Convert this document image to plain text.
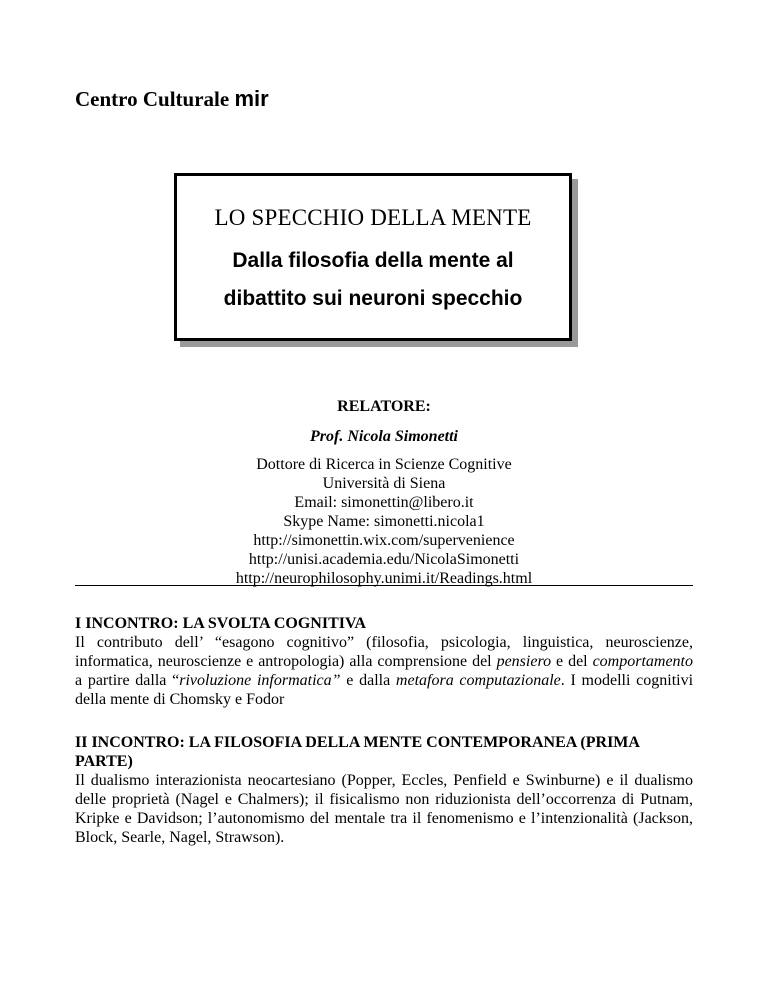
Centro Culturale mir
LO SPECCHIO DELLA MENTE
Dalla filosofia della mente al
dibattito sui neuroni specchio
RELATORE:
Prof. Nicola Simonetti
Dottore di Ricerca in Scienze Cognitive
Università di Siena
Email: simonettin@libero.it
Skype Name: simonetti.nicola1
http://simonettin.wix.com/supervenience
http://unisi.academia.edu/NicolaSimonetti
http://neurophilosophy.unimi.it/Readings.html
I INCONTRO: LA SVOLTA COGNITIVA

Il contributo dell’ “esagono cognitivo” (filosofia, psicologia, linguistica, neuroscienze, informatica, neuroscienze e antropologia) alla comprensione del pensiero e del comportamento a partire dalla “rivoluzione informatica” e dalla metafora computazionale. I modelli cognitivi della mente di Chomsky e Fodor

II INCONTRO: LA FILOSOFIA DELLA MENTE CONTEMPORANEA (PRIMA PARTE)

Il dualismo interazionista neocartesiano (Popper, Eccles, Penfield e Swinburne) e il dualismo delle proprietà (Nagel e Chalmers); il fisicalismo non riduzionista dell’occorrenza di Putnam, Kripke e Davidson; l’autonomismo del mentale tra il fenomenismo e l’intenzionalità (Jackson, Block, Searle, Nagel, Strawson).
